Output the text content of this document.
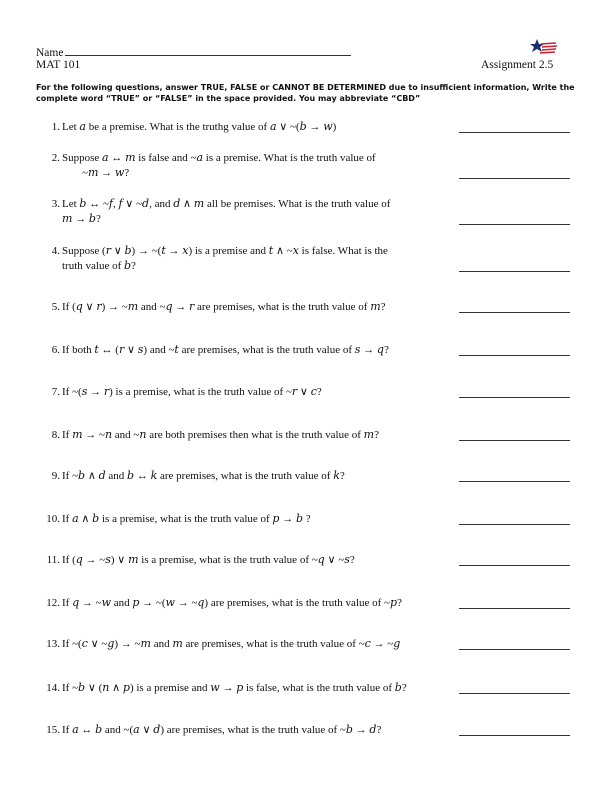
Name
MAT 101	Assignment 2.5
For the following questions, answer TRUE, FALSE or CANNOT BE DETERMINED due to insufficient information, Write the complete word “TRUE” or “FALSE” in the space provided. You may abbreviate “CBD”
1. Let 𝑎 be a premise. What is the truthg value of 𝑎 ∨ ~(𝑏 → 𝑤)
2. Suppose 𝑎 ↔ 𝑚 is false and ~𝑎 is a premise. What is the truth value of
~𝑚 → 𝑤?
3. Let 𝑏 ↔ ~𝑓, 𝑓 ∨ ~𝑑, and 𝑑 ∧ 𝑚 all be premises. What is the truth value of
𝑚 → 𝑏?
4. Suppose (𝑟 ∨ 𝑏) → ~(𝑡 → 𝑥) is a premise and 𝑡 ∧ ~𝑥 is false. What is the
truth value of 𝑏?
5. If (𝑞 ∨ 𝑟) → ~𝑚 and ~𝑞 → 𝑟 are premises, what is the truth value of 𝑚?
6. If both 𝑡 ↔ (𝑟 ∨ 𝑠) and ~𝑡 are premises, what is the truth value of 𝑠 → 𝑞?
7. If ~(𝑠 → 𝑟) is a premise, what is the truth value of ~𝑟 ∨ 𝑐?
8. If 𝑚 → ~𝑛 and ~𝑛 are both premises then what is the truth value of 𝑚?
9. If ~𝑏 ∧ 𝑑 and 𝑏 ↔ 𝑘 are premises, what is the truth value of 𝑘?
10. If 𝑎 ∧ 𝑏 is a premise, what is the truth value of 𝑝 → 𝑏 ?
11. If (𝑞 → ~𝑠) ∨ 𝑚 is a premise, what is the truth value of ~𝑞 ∨ ~𝑠?
12. If 𝑞 → ~𝑤 and 𝑝 → ~(𝑤 → ~𝑞) are premises, what is the truth value of ~𝑝?
13. If ~(𝑐 ∨ ~𝑔) → ~𝑚 and 𝑚 are premises, what is the truth value of ~𝑐 → ~𝑔
14. If ~𝑏 ∨ (𝑛 ∧ 𝑝) is a premise and 𝑤 → 𝑝 is false, what is the truth value of 𝑏?
15. If 𝑎 ↔ 𝑏 and ~(𝑎 ∨ 𝑑) are premises, what is the truth value of ~𝑏 → 𝑑?
